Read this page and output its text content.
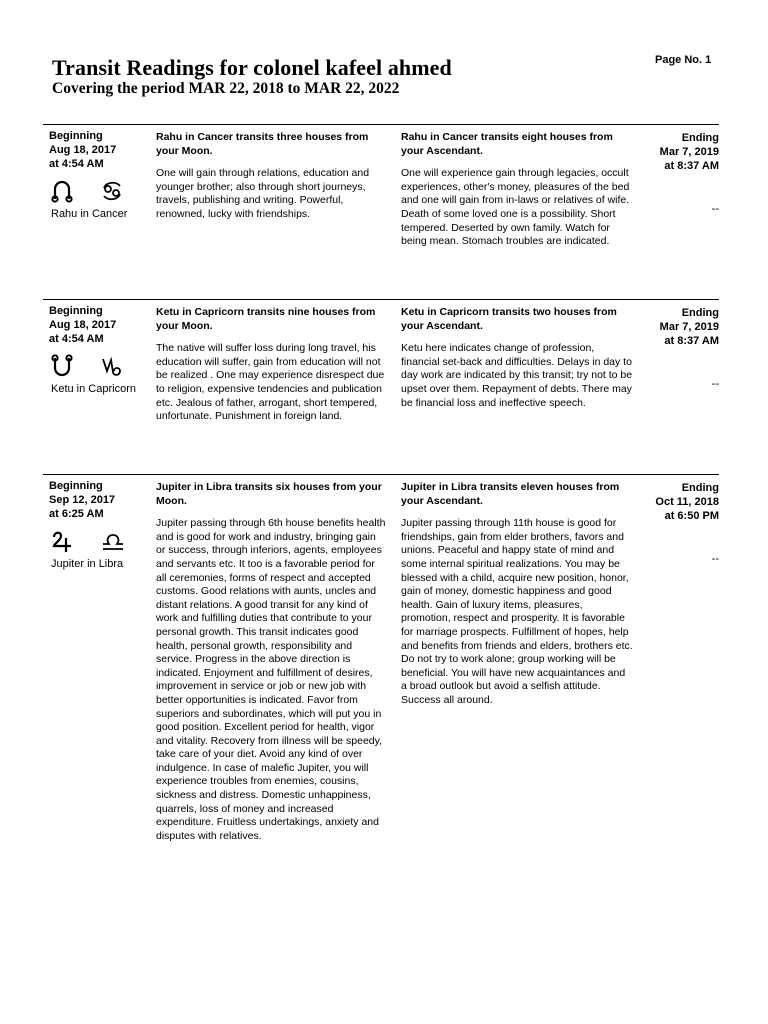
Transit Readings for colonel kafeel ahmed
Covering the period MAR 22, 2018 to MAR 22, 2022
Page No. 1
Beginning
Aug 18, 2017
at 4:54 AM
Rahu in Cancer
Rahu in Cancer transits three houses from your Moon.
One will gain through relations, education and younger brother; also through short journeys, travels, publishing and writing. Powerful, renowned, lucky with friendships.
Rahu in Cancer transits eight houses from your Ascendant.
One will experience gain through legacies, occult experiences, other's money, pleasures of the bed and one will gain from in-laws or relatives of wife. Death of some loved one is a possibility. Short tempered. Deserted by own family. Watch for being mean. Stomach troubles are indicated.
Ending
Mar 7, 2019
at 8:37 AM
--
Beginning
Aug 18, 2017
at 4:54 AM
Ketu in Capricorn
Ketu in Capricorn transits nine houses from your Moon.
The native will suffer loss during long travel, his education will suffer, gain from education will not be realized . One may experience disrespect due to religion, expensive tendencies and publication etc. Jealous of father, arrogant, short tempered, unfortunate. Punishment in foreign land.
Ketu in Capricorn transits two houses from your Ascendant.
Ketu here indicates change of profession, financial set-back and difficulties. Delays in day to day work are indicated by this transit; try not to be upset over them. Repayment of debts. There may be financial loss and ineffective speech.
Ending
Mar 7, 2019
at 8:37 AM
--
Beginning
Sep 12, 2017
at 6:25 AM
Jupiter in Libra
Jupiter in Libra transits six houses from your Moon.
Jupiter passing through 6th house benefits health and is good for work and industry, bringing gain or success, through inferiors, agents, employees and servants etc. It too is a favorable period for all ceremonies, forms of respect and accepted customs. Good relations with aunts, uncles and distant relations. A good transit for any kind of work and fulfilling duties that contribute to your personal growth. This transit indicates good health, personal growth, responsibility and service. Progress in the above direction is indicated. Enjoyment and fulfillment of desires, improvement in service or job or new job with better opportunities is indicated. Favor from superiors and subordinates, which will put you in good position. Excellent period for health, vigor and vitality. Recovery from illness will be speedy, take care of your diet. Avoid any kind of over indulgence. In case of malefic Jupiter, you will experience troubles from enemies, cousins, sickness and distress. Domestic unhappiness, quarrels, loss of money and increased expenditure. Fruitless undertakings, anxiety and disputes with relatives.
Jupiter in Libra transits eleven houses from your Ascendant.
Jupiter passing through 11th house is good for friendships, gain from elder brothers, favors and unions. Peaceful and happy state of mind and some internal spiritual realizations. You may be blessed with a child, acquire new position, honor, gain of money, domestic happiness and good health. Gain of luxury items, pleasures, promotion, respect and prosperity. It is favorable for marriage prospects. Fulfillment of hopes, help and benefits from friends and elders, brothers etc. Do not try to work alone; group working will be beneficial. You will have new acquaintances and a broad outlook but avoid a selfish attitude. Success all around.
Ending
Oct 11, 2018
at 6:50 PM
--
